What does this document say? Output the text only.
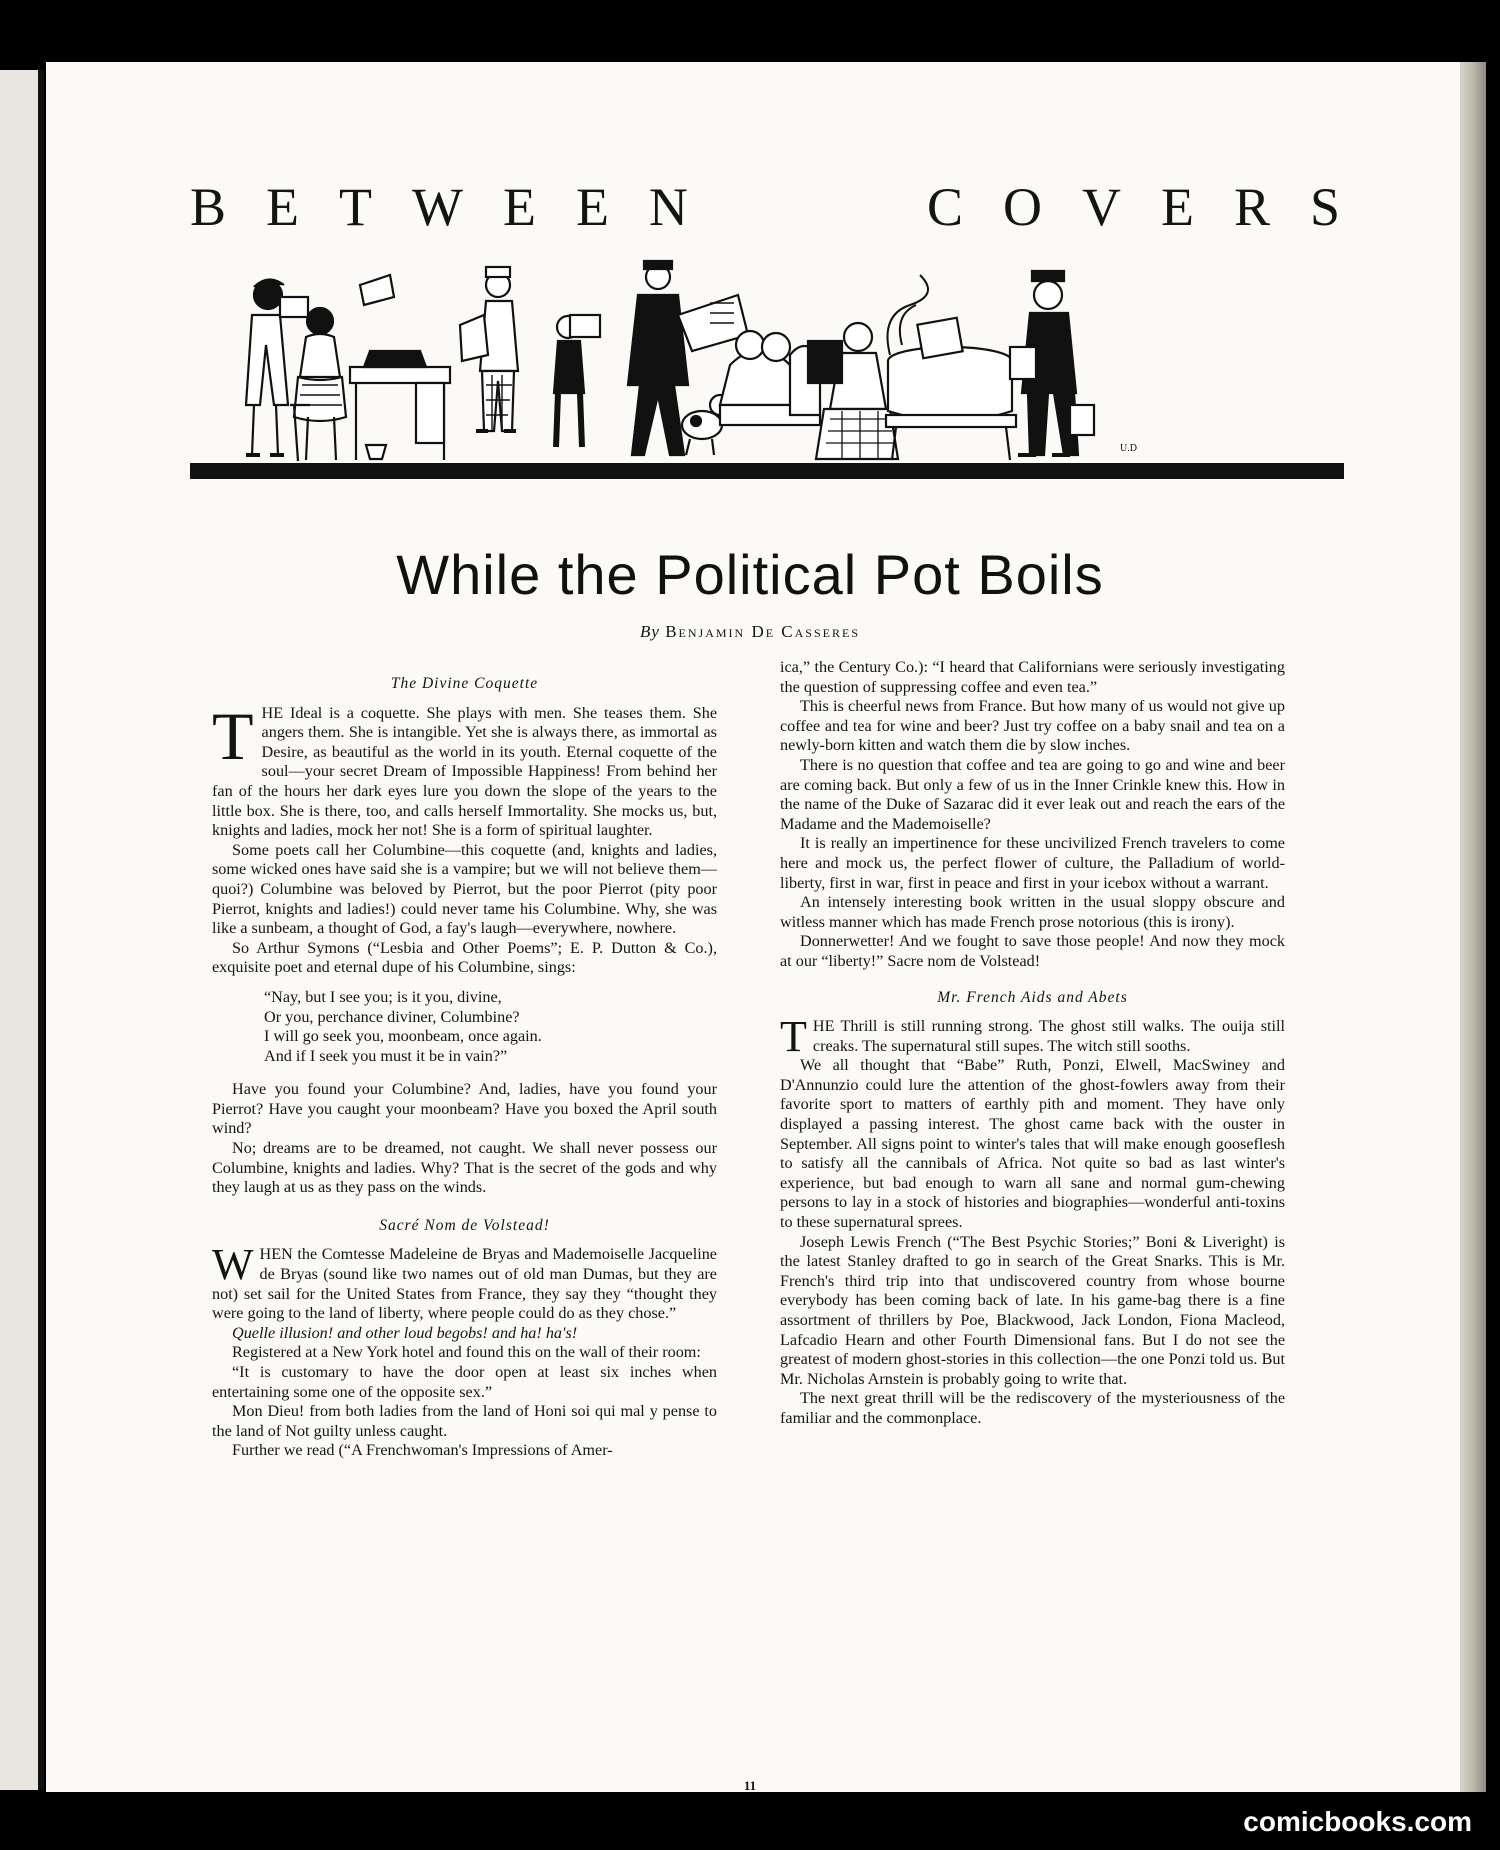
BETWEEN	COVERS
U.D
While the Political Pot Boils
By Benjamin De Casseres
The Divine Coquette

THE Ideal is a coquette. She plays with men. She teases them. She angers them. She is intangible. Yet she is always there, as immortal as Desire, as beautiful as the world in its youth. Eternal coquette of the soul—your secret Dream of Impossible Happiness! From behind her fan of the hours her dark eyes lure you down the slope of the years to the little box. She is there, too, and calls herself Immortality. She mocks us, but, knights and ladies, mock her not! She is a form of spiritual laughter.

Some poets call her Columbine—this coquette (and, knights and ladies, some wicked ones have said she is a vampire; but we will not believe them—quoi?) Columbine was beloved by Pierrot, but the poor Pierrot (pity poor Pierrot, knights and ladies!) could never tame his Columbine. Why, she was like a sunbeam, a thought of God, a fay's laugh—everywhere, nowhere.

So Arthur Symons (“Lesbia and Other Poems”; E. P. Dutton & Co.), exquisite poet and eternal dupe of his Columbine, sings:

“Nay, but I see you; is it you, divine,
Or you, perchance diviner, Columbine?
I will go seek you, moonbeam, once again.
And if I seek you must it be in vain?”

Have you found your Columbine? And, ladies, have you found your Pierrot? Have you caught your moonbeam? Have you boxed the April south wind?

No; dreams are to be dreamed, not caught. We shall never possess our Columbine, knights and ladies. Why? That is the secret of the gods and why they laugh at us as they pass on the winds.

Sacré Nom de Volstead!

WHEN the Comtesse Madeleine de Bryas and Mademoiselle Jacqueline de Bryas (sound like two names out of old man Dumas, but they are not) set sail for the United States from France, they say they “thought they were going to the land of liberty, where people could do as they chose.”

Quelle illusion! and other loud begobs! and ha! ha's!

Registered at a New York hotel and found this on the wall of their room:

“It is customary to have the door open at least six inches when entertaining some one of the opposite sex.”

Mon Dieu! from both ladies from the land of Honi soi qui mal y pense to the land of Not guilty unless caught.

Further we read (“A Frenchwoman's Impressions of Amer-

ica,” the Century Co.): “I heard that Californians were seriously investigating the question of suppressing coffee and even tea.”

This is cheerful news from France. But how many of us would not give up coffee and tea for wine and beer? Just try coffee on a baby snail and tea on a newly-born kitten and watch them die by slow inches.

There is no question that coffee and tea are going to go and wine and beer are coming back. But only a few of us in the Inner Crinkle knew this. How in the name of the Duke of Sazarac did it ever leak out and reach the ears of the Madame and the Mademoiselle?

It is really an impertinence for these uncivilized French travelers to come here and mock us, the perfect flower of culture, the Palladium of world-liberty, first in war, first in peace and first in your icebox without a warrant.

An intensely interesting book written in the usual sloppy obscure and witless manner which has made French prose notorious (this is irony).

Donnerwetter! And we fought to save those people! And now they mock at our “liberty!” Sacre nom de Volstead!

Mr. French Aids and Abets

THE Thrill is still running strong. The ghost still walks. The ouija still creaks. The supernatural still supes. The witch still sooths.

We all thought that “Babe” Ruth, Ponzi, Elwell, MacSwiney and D'Annunzio could lure the attention of the ghost-fowlers away from their favorite sport to matters of earthly pith and moment. They have only displayed a passing interest. The ghost came back with the ouster in September. All signs point to winter's tales that will make enough gooseflesh to satisfy all the cannibals of Africa. Not quite so bad as last winter's experience, but bad enough to warn all sane and normal gum-chewing persons to lay in a stock of histories and biographies—wonderful anti-toxins to these supernatural sprees.

Joseph Lewis French (“The Best Psychic Stories;” Boni & Liveright) is the latest Stanley drafted to go in search of the Great Snarks. This is Mr. French's third trip into that undiscovered country from whose bourne everybody has been coming back of late. In his game-bag there is a fine assortment of thrillers by Poe, Blackwood, Jack London, Fiona Macleod, Lafcadio Hearn and other Fourth Dimensional fans. But I do not see the greatest of modern ghost-stories in this collection—the one Ponzi told us. But Mr. Nicholas Arnstein is probably going to write that.

The next great thrill will be the rediscovery of the mysteriousness of the familiar and the commonplace.

11
comicbooks.com
